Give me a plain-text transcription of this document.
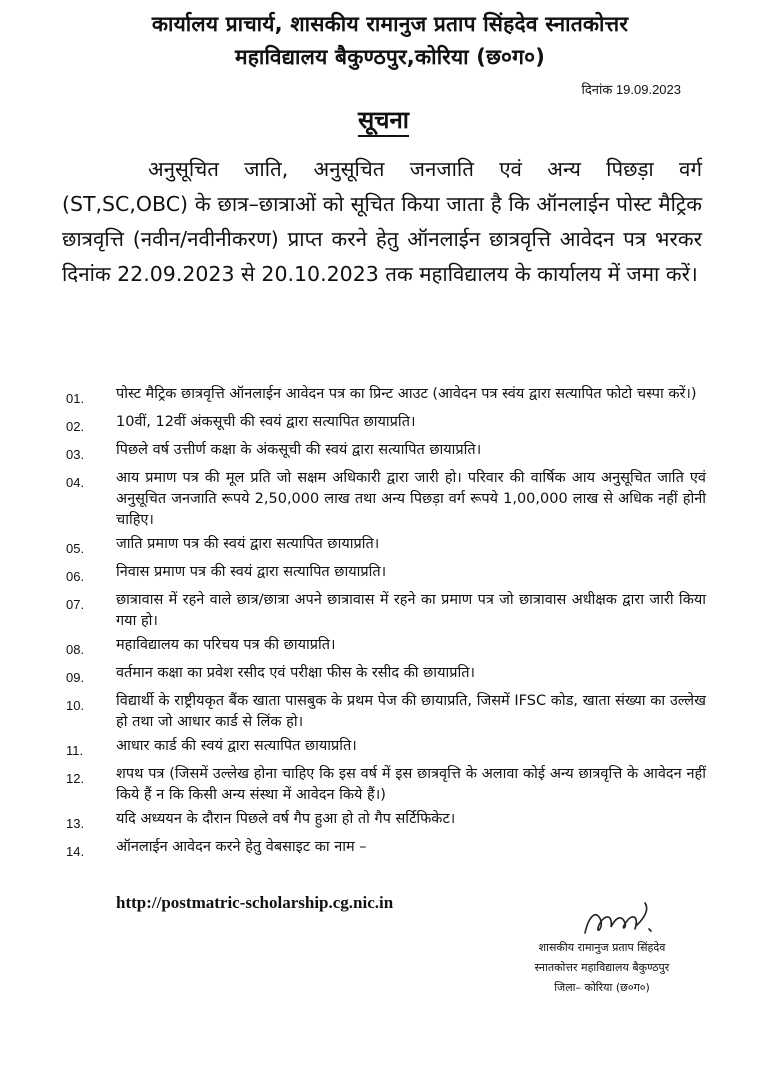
कार्यालय प्राचार्य, शासकीय रामानुज प्रताप सिंहदेव स्नातकोत्तर
महाविद्यालय बैकुण्ठपुर,कोरिया (छ०ग०)
दिनांक 19.09.2023
सूचना

अनुसूचित जाति, अनुसूचित जनजाति एवं अन्य पिछड़ा वर्ग (ST,SC,OBC) के छात्र–छात्राओं को सूचित किया जाता है कि ऑनलाईन पोस्ट मैट्रिक छात्रवृत्ति (नवीन/नवीनीकरण) प्राप्त करने हेतु ऑनलाईन छात्रवृत्ति आवेदन पत्र भरकर दिनांक 22.09.2023 से 20.10.2023 तक महाविद्यालय के कार्यालय में जमा करें।

01.	पोस्ट मैट्रिक छात्रवृत्ति ऑनलाईन आवेदन पत्र का प्रिन्ट आउट (आवेदन पत्र स्वंय द्वारा सत्यापित फोटो चस्पा करें।)
02.	10वीं, 12वीं अंकसूची की स्वयं द्वारा सत्यापित छायाप्रति।
03.	पिछले वर्ष उत्तीर्ण कक्षा के अंकसूची की स्वयं द्वारा सत्यापित छायाप्रति।
04.	आय प्रमाण पत्र की मूल प्रति जो सक्षम अधिकारी द्वारा जारी हो। परिवार की वार्षिक आय अनुसूचित जाति एवं अनुसूचित जनजाति रूपये 2,50,000 लाख तथा अन्य पिछड़ा वर्ग रूपये 1,00,000 लाख से अधिक नहीं होनी चाहिए।
05.	जाति प्रमाण पत्र की स्वयं द्वारा सत्यापित छायाप्रति।
06.	निवास प्रमाण पत्र की स्वयं द्वारा सत्यापित छायाप्रति।
07.	छात्रावास में रहने वाले छात्र/छात्रा अपने छात्रावास में रहने का प्रमाण पत्र जो छात्रावास अधीक्षक द्वारा जारी किया गया हो।
08.	महाविद्यालय का परिचय पत्र की छायाप्रति।
09.	वर्तमान कक्षा का प्रवेश रसीद एवं परीक्षा फीस के रसीद की छायाप्रति।
10.	विद्यार्थी के राष्ट्रीयकृत बैंक खाता पासबुक के प्रथम पेज की छायाप्रति, जिसमें IFSC कोड, खाता संख्या का उल्लेख हो तथा जो आधार कार्ड से लिंक हो।
11.	आधार कार्ड की स्वयं द्वारा सत्यापित छायाप्रति।
12.	शपथ पत्र (जिसमें उल्लेख होना चाहिए कि इस वर्ष में इस छात्रवृत्ति के अलावा कोई अन्य छात्रवृत्ति के आवेदन नहीं किये हैं न कि किसी अन्य संस्था में आवेदन किये हैं।)
13.	यदि अध्ययन के दौरान पिछले वर्ष गैप हुआ हो तो गैप सर्टिफिकेट।
14.	ऑनलाईन आवेदन करने हेतु वेबसाइट का नाम –
http://postmatric-scholarship.cg.nic.in
शासकीय रामानुज प्रताप सिंहदेव
स्नातकोत्तर महाविद्यालय बैकुण्ठपुर
जिला– कोरिया (छ०ग०)
